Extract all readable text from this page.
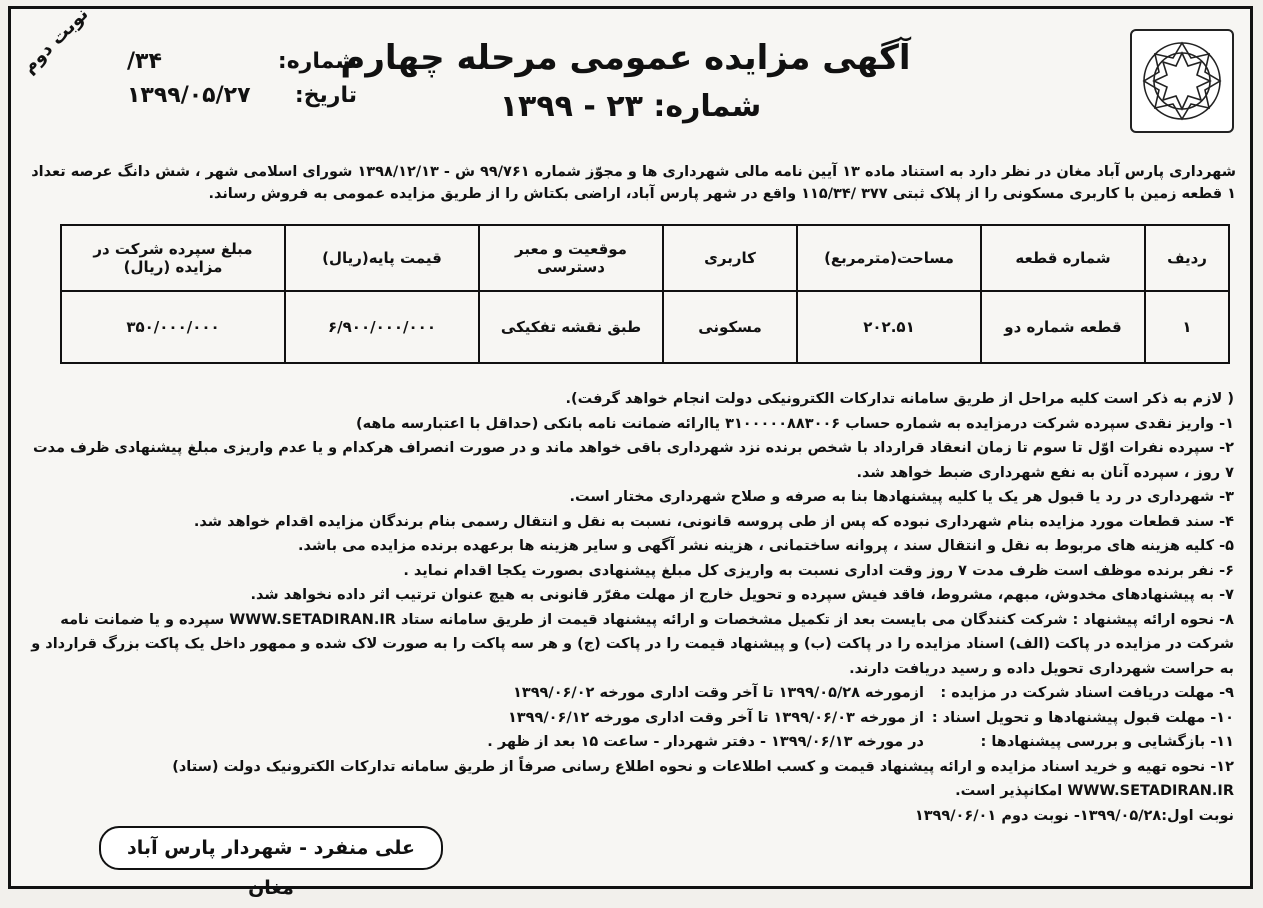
آگهی مزایده عمومی مرحله چهارم
شماره: ۲۳ - ۱۳۹۹
شماره:
۳۴/
تاریخ:
۱۳۹۹/۰۵/۲۷
نوبت دوم
شهرداری پارس آباد مغان در نظر دارد به استناد ماده ۱۳ آیین نامه مالی شهرداری ها و مجوّز شماره ۹۹/۷۶۱ ش - ۱۳۹۸/۱۲/۱۳ شورای اسلامی شهر ، شش دانگ عرصه تعداد ۱ قطعه زمین با کاربری مسکونی را از پلاک ثبتی ۳۷۷ /۱۱۵/۳۴ واقع در شهر پارس آباد، اراضی بکتاش را از طریق مزایده عمومی به فروش رساند.
ردیف	شماره قطعه	مساحت(مترمربع)	کاربری	موقعیت و معبر دسترسی	قیمت پایه(ریال)	مبلغ سپرده شرکت در مزایده (ریال)
۱	قطعه شماره دو	۲۰۲.۵۱	مسکونی	طبق نقشه تفکیکی	۶/۹۰۰/۰۰۰/۰۰۰	۳۵۰/۰۰۰/۰۰۰

( لازم به ذکر است کلیه مراحل از طریق سامانه تدارکات الکترونیکی دولت انجام خواهد گرفت).

۱- واریز نقدی سپرده شرکت درمزایده به شماره حساب ۳۱۰۰۰۰۰۸۸۳۰۰۶ یاارائه ضمانت نامه بانکی (حداقل با اعتبارسه ماهه)

۲- سپرده نفرات اوّل تا سوم تا زمان انعقاد قرارداد با شخص برنده نزد شهرداری باقی خواهد ماند و در صورت انصراف هرکدام و یا عدم واریزی مبلغ پیشنهادی ظرف مدت ۷ روز ، سپرده آنان به نفع شهرداری ضبط خواهد شد.

۳- شهرداری در رد یا قبول هر یک یا کلیه پیشنهادها بنا به صرفه و صلاح شهرداری مختار است.

۴- سند قطعات مورد مزایده بنام شهرداری نبوده که پس از طی پروسه قانونی، نسبت به نقل و انتقال رسمی بنام برندگان مزایده اقدام خواهد شد.

۵- کلیه هزینه های مربوط به نقل و انتقال سند ، پروانه ساختمانی ، هزینه نشر آگهی و سایر هزینه ها برعهده برنده مزایده می باشد.

۶- نفر برنده موظف است ظرف مدت ۷ روز وقت اداری نسبت به واریزی کل مبلغ پیشنهادی بصورت یکجا اقدام نماید .

۷- به پیشنهادهای مخدوش، مبهم، مشروط، فاقد فیش سپرده و تحویل خارج از مهلت مقرّر قانونی به هیچ عنوان ترتیب اثر داده نخواهد شد.

۸- نحوه ارائه پیشنهاد : شرکت کنندگان می بایست بعد از تکمیل مشخصات و ارائه پیشنهاد قیمت از طریق سامانه ستاد WWW.SETADIRAN.IR سپرده و یا ضمانت نامه شرکت در مزایده در پاکت (الف) اسناد مزایده را در پاکت (ب) و پیشنهاد قیمت را در پاکت (ج) و هر سه پاکت را به صورت لاک شده و ممهور داخل یک پاکت بزرگ قرارداد و به حراست شهرداری تحویل داده و رسید دریافت دارند.

۹- مهلت دریافت اسناد شرکت در مزایده :
ازمورخه ۱۳۹۹/۰۵/۲۸ تا آخر وقت اداری مورخه ۱۳۹۹/۰۶/۰۲

۱۰- مهلت قبول پیشنهادها و تحویل اسناد :
از مورخه ۱۳۹۹/۰۶/۰۳ تا آخر وقت اداری مورخه ۱۳۹۹/۰۶/۱۲

۱۱- بازگشایی و بررسی پیشنهادها :
در مورخه ۱۳۹۹/۰۶/۱۳ - دفتر شهردار - ساعت ۱۵ بعد از ظهر .

۱۲- نحوه تهیه و خرید اسناد مزایده و ارائه پیشنهاد قیمت و کسب اطلاعات و نحوه اطلاع رسانی صرفاً از طریق سامانه تدارکات الکترونیک دولت (ستاد)

WWW.SETADIRAN.IR امکانپذیر است.

نوبت اول:۱۳۹۹/۰۵/۲۸- نوبت دوم ۱۳۹۹/۰۶/۰۱

علی منفرد - شهردار پارس آباد مغان
